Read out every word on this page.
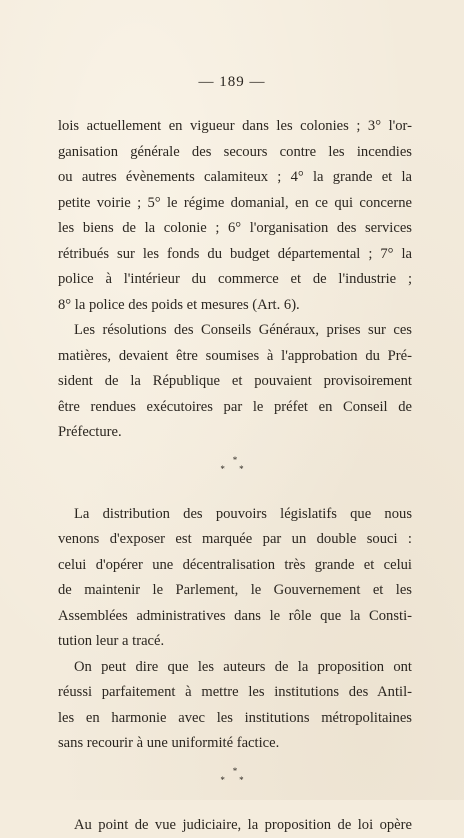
— 189 —
lois actuellement en vigueur dans les colonies ; 3° l'or-
ganisation générale des secours contre les incendies
ou autres évènements calamiteux ; 4° la grande et la
petite voirie ; 5° le régime domanial, en ce qui concerne
les biens de la colonie ; 6° l'organisation des services
rétribués sur les fonds du budget départemental ; 7° la
police à l'intérieur du commerce et de l'industrie ;
8° la police des poids et mesures (Art. 6).
Les résolutions des Conseils Généraux, prises sur ces
matières, devaient être soumises à l'approbation du Pré-
sident de la République et pouvaient provisoirement
être rendues exécutoires par le préfet en Conseil de
Préfecture.
*
* *
La distribution des pouvoirs législatifs que nous
venons d'exposer est marquée par un double souci :
celui d'opérer une décentralisation très grande et celui
de maintenir le Parlement, le Gouvernement et les
Assemblées administratives dans le rôle que la Consti-
tution leur a tracé.
On peut dire que les auteurs de la proposition ont
réussi parfaitement à mettre les institutions des Antil-
les en harmonie avec les institutions métropolitaines
sans recourir à une uniformité factice.
*
* *
Au point de vue judiciaire, la proposition de loi opère
